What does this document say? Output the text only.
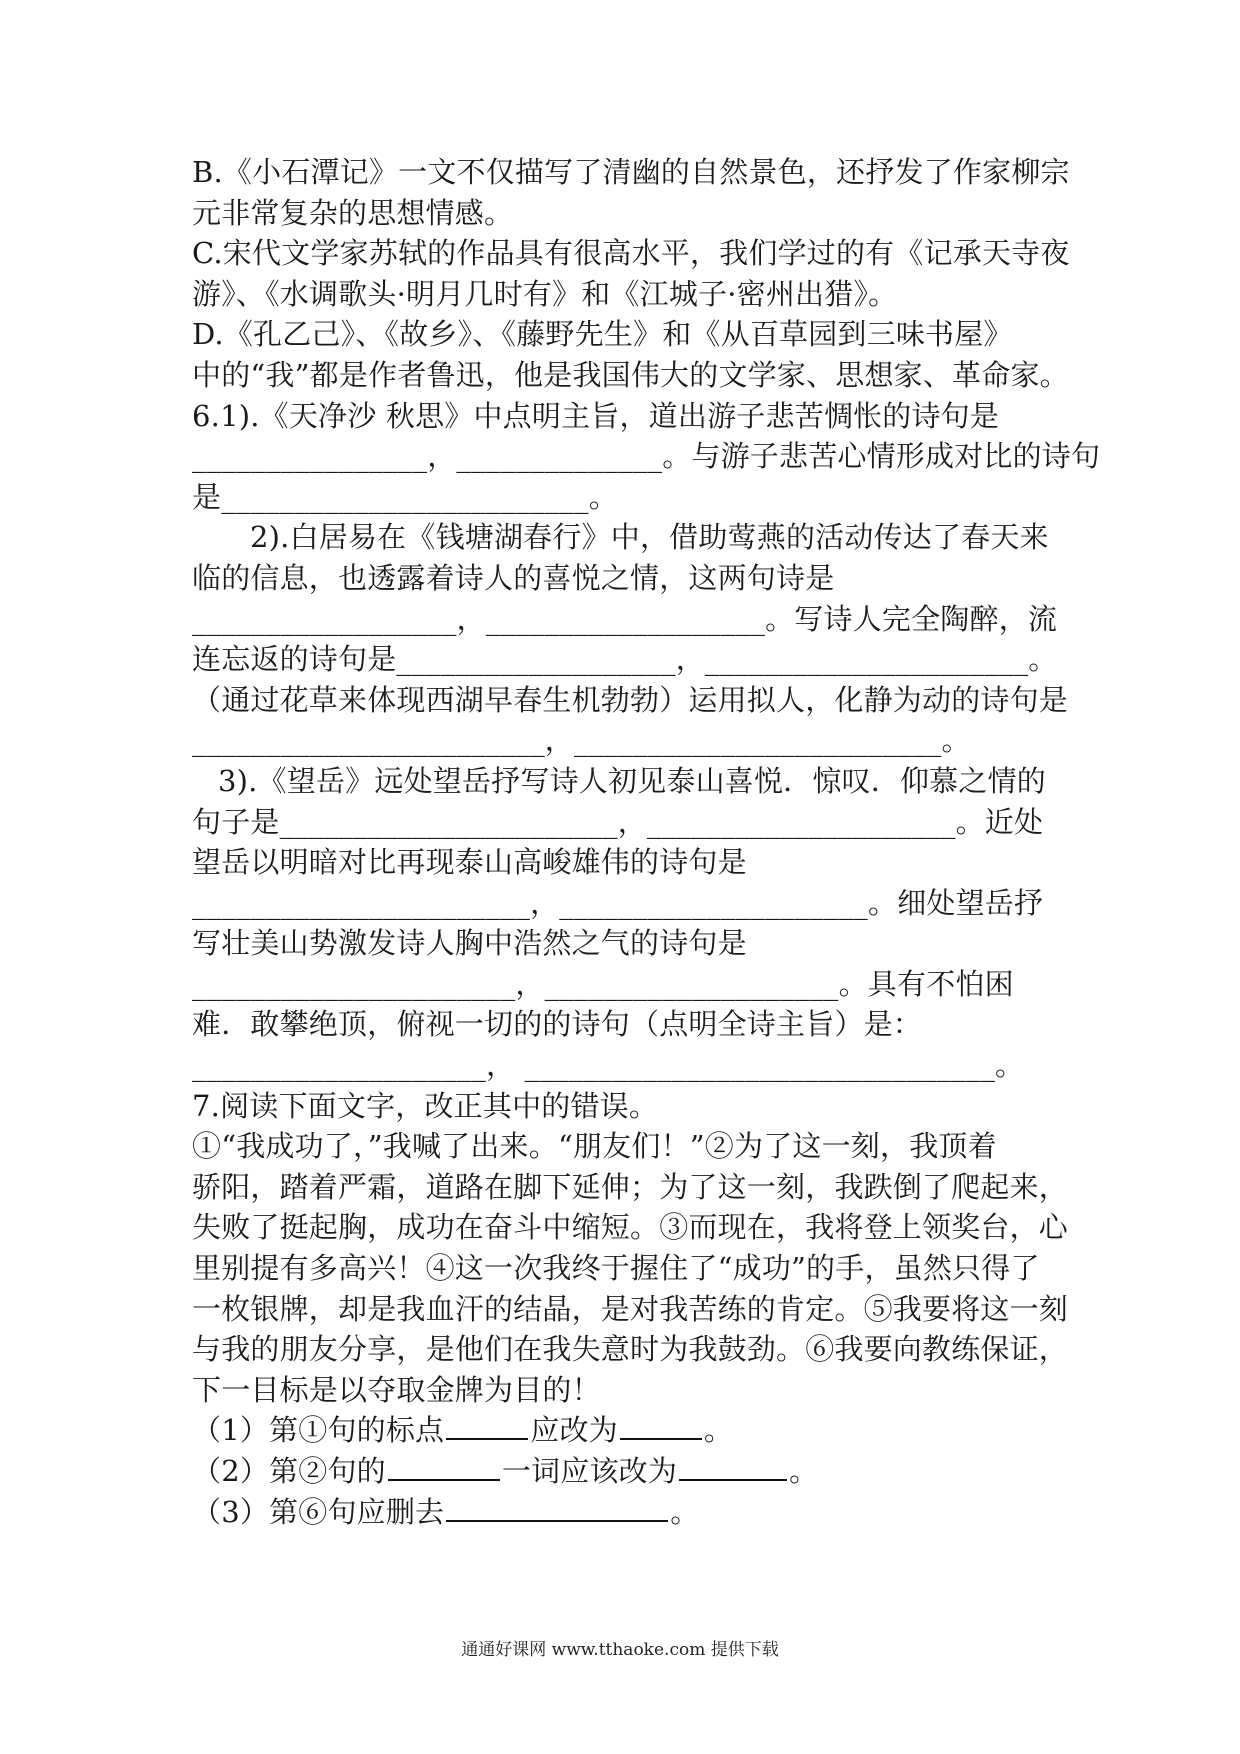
B.《小石潭记》一文不仅描写了清幽的自然景色，还抒发了作家柳宗
元非常复杂的思想情感。
C.宋代文学家苏轼的作品具有很高水平，我们学过的有《记承天寺夜
游》、《水调歌头·明月几时有》和《江城子·密州出猎》。
D.《孔乙己》、《故乡》、《藤野先生》和《从百草园到三味书屋》
中的“我”都是作者鲁迅，他是我国伟大的文学家、思想家、革命家。
6.1).《天净沙 秋思》中点明主旨，道出游子悲苦惆怅的诗句是
________________，______________。与游子悲苦心情形成对比的诗句
是_________________________。
2).白居易在《钱塘湖春行》中，借助莺燕的活动传达了春天来
临的信息，也透露着诗人的喜悦之情，这两句诗是
__________________，___________________。写诗人完全陶醉，流
连忘返的诗句是___________________，______________________。
（通过花草来体现西湖早春生机勃勃）运用拟人，化静为动的诗句是
________________________，_________________________。
3).《望岳》远处望岳抒写诗人初见泰山喜悦．惊叹．仰慕之情的
句子是_______________________，_____________________。近处
望岳以明暗对比再现泰山高峻雄伟的诗句是
_______________________，_____________________。细处望岳抒
写壮美山势激发诗人胸中浩然之气的诗句是
______________________，____________________。具有不怕困
难．敢攀绝顶，俯视一切的的诗句（点明全诗主旨）是：
____________________， ________________________________。
7.阅读下面文字，改正其中的错误。
①“我成功了，”我喊了出来。“朋友们！”②为了这一刻，我顶着
骄阳，踏着严霜，道路在脚下延伸；为了这一刻，我跌倒了爬起来，
失败了挺起胸，成功在奋斗中缩短。③而现在，我将登上领奖台，心
里别提有多高兴！④这一次我终于握住了“成功”的手，虽然只得了
一枚银牌，却是我血汗的结晶，是对我苦练的肯定。⑤我要将这一刻
与我的朋友分享，是他们在我失意时为我鼓劲。⑥我要向教练保证，
下一目标是以夺取金牌为目的！
（1）第①句的标点	应改为	。
（2）第②句的	一词应该改为	。
（3）第⑥句应删去	。
通通好课网 www.tthaoke.com 提供下载
